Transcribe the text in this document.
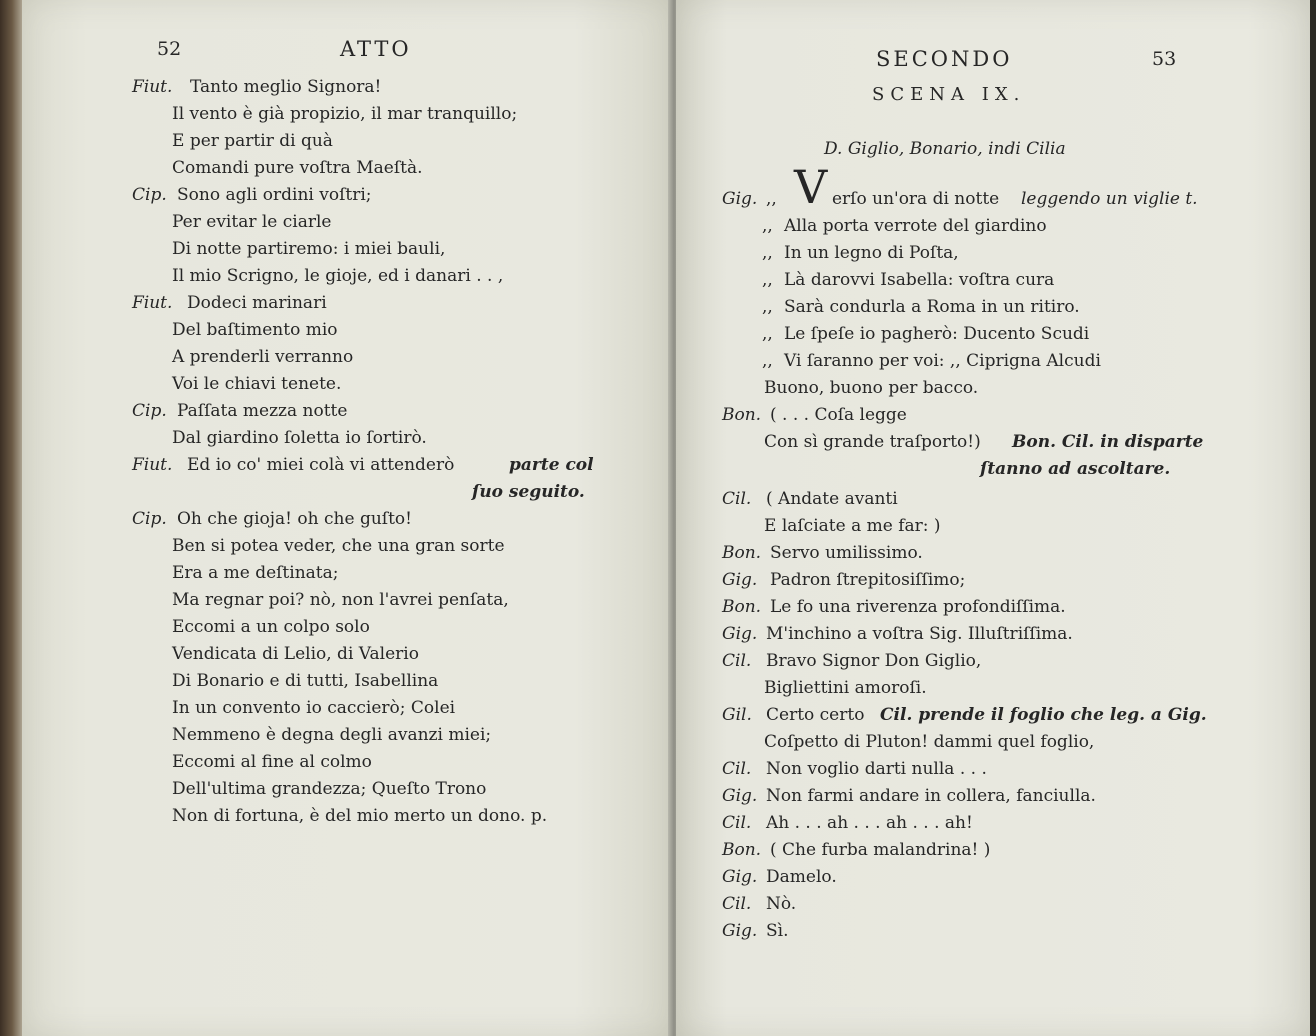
52	ATTO
Fiut. Tanto meglio Signora!
Il vento è già propizio, il mar tranquillo;
E per partir di quà
Comandi pure voſtra Maeſtà.
Cip. Sono agli ordini voſtri;
Per evitar le ciarle
Di notte partiremo: i miei bauli,
Il mio Scrigno, le gioje, ed i danari . . ,
Fiut. Dodeci marinari
Del baſtimento mio
A prenderli verranno
Voi le chiavi tenete.
Cip. Paſſata mezza notte
Dal giardino ſoletta io ſortirò.
Fiut. Ed io co' miei colà vi attenderò	parte col
ſuo seguito.
Cip. Oh che gioja! oh che guſto!
Ben si potea veder, che una gran sorte
Era a me deſtinata;
Ma regnar poi? nò, non l'avrei penſata,
Eccomi a un colpo solo
Vendicata di Lelio, di Valerio
Di Bonario e di tutti, Isabellina
In un convento io caccierò; Colei
Nemmeno è degna degli avanzi miei;
Eccomi al fine al colmo
Dell'ultima grandezza; Queſto Trono
Non di fortuna, è del mio merto un dono. p.
SECONDO	53
SCENA IX.
D. Giglio, Bonario, indi Cilia
Gig. ,, V erſo un'ora di notte leggendo un viglie t.
,, Alla porta verrote del giardino
,, In un legno di Poſta,
,, Là darovvi Isabella: voſtra cura
,, Sarà condurla a Roma in un ritiro.
,, Le ſpeſe io pagherò: Ducento Scudi
,, Vi ſaranno per voi: ,, Ciprigna Alcudi
Buono, buono per bacco.
Bon. ( . . . Coſa legge
Con sì grande traſporto!) Bon. Cil. in disparte
ſtanno ad ascoltare.
Cil. ( Andate avanti
E laſciate a me far: )
Bon. Servo umilissimo.
Gig. Padron ſtrepitosiſſimo;
Bon. Le fo una riverenza profondiſſima.
Gig. M'inchino a voſtra Sig. Illuſtriſſima.
Cil. Bravo Signor Don Giglio,
Bigliettini amoroſi.
Gil. Certo certo Cil. prende il foglio che leg. a Gig.
Coſpetto di Pluton! dammi quel foglio,
Cil. Non voglio darti nulla . . .
Gig. Non farmi andare in collera, fanciulla.
Cil. Ah . . . ah . . . ah . . . ah!
Bon. ( Che furba malandrina! )
Gig. Damelo.
Cil. Nò.
Gig. Sì.
